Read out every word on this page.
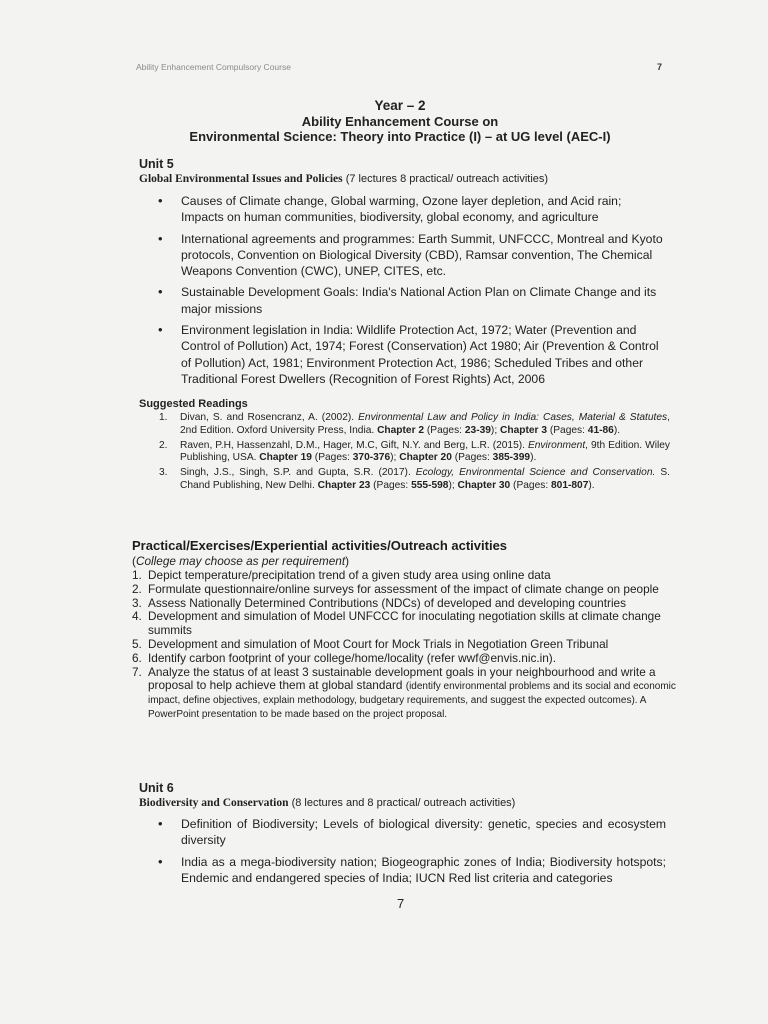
Ability Enhancement Compulsory Course	7
Year – 2
Ability Enhancement Course on
Environmental Science: Theory into Practice (I) – at UG level (AEC-I)
Unit 5
Global Environmental Issues and Policies (7 lectures 8 practical/ outreach activities)
• Causes of Climate change, Global warming, Ozone layer depletion, and Acid rain; Impacts on human communities, biodiversity, global economy, and agriculture
• International agreements and programmes: Earth Summit, UNFCCC, Montreal and Kyoto protocols, Convention on Biological Diversity (CBD), Ramsar convention, The Chemical Weapons Convention (CWC), UNEP, CITES, etc.
• Sustainable Development Goals: India's National Action Plan on Climate Change and its major missions
• Environment legislation in India: Wildlife Protection Act, 1972; Water (Prevention and Control of Pollution) Act, 1974; Forest (Conservation) Act 1980; Air (Prevention & Control of Pollution) Act, 1981; Environment Protection Act, 1986; Scheduled Tribes and other Traditional Forest Dwellers (Recognition of Forest Rights) Act, 2006
Suggested Readings
1. Divan, S. and Rosencranz, A. (2002). Environmental Law and Policy in India: Cases, Material & Statutes, 2nd Edition. Oxford University Press, India. Chapter 2 (Pages: 23-39); Chapter 3 (Pages: 41-86).
2. Raven, P.H, Hassenzahl, D.M., Hager, M.C, Gift, N.Y. and Berg, L.R. (2015). Environment, 9th Edition. Wiley Publishing, USA. Chapter 19 (Pages: 370-376); Chapter 20 (Pages: 385-399).
3. Singh, J.S., Singh, S.P. and Gupta, S.R. (2017). Ecology, Environmental Science and Conservation. S. Chand Publishing, New Delhi. Chapter 23 (Pages: 555-598); Chapter 30 (Pages: 801-807).
Practical/Exercises/Experiential activities/Outreach activities
(College may choose as per requirement)
1. Depict temperature/precipitation trend of a given study area using online data
2. Formulate questionnaire/online surveys for assessment of the impact of climate change on people
3. Assess Nationally Determined Contributions (NDCs) of developed and developing countries
4. Development and simulation of Model UNFCCC for inoculating negotiation skills at climate change summits
5. Development and simulation of Moot Court for Mock Trials in Negotiation Green Tribunal
6. Identify carbon footprint of your college/home/locality (refer wwf@envis.nic.in).
7. Analyze the status of at least 3 sustainable development goals in your neighbourhood and write a proposal to help achieve them at global standard (identify environmental problems and its social and economic impact, define objectives, explain methodology, budgetary requirements, and suggest the expected outcomes). A PowerPoint presentation to be made based on the project proposal.
Unit 6
Biodiversity and Conservation (8 lectures and 8 practical/ outreach activities)
• Definition of Biodiversity; Levels of biological diversity: genetic, species and ecosystem diversity
• India as a mega-biodiversity nation; Biogeographic zones of India; Biodiversity hotspots; Endemic and endangered species of India; IUCN Red list criteria and categories
7
